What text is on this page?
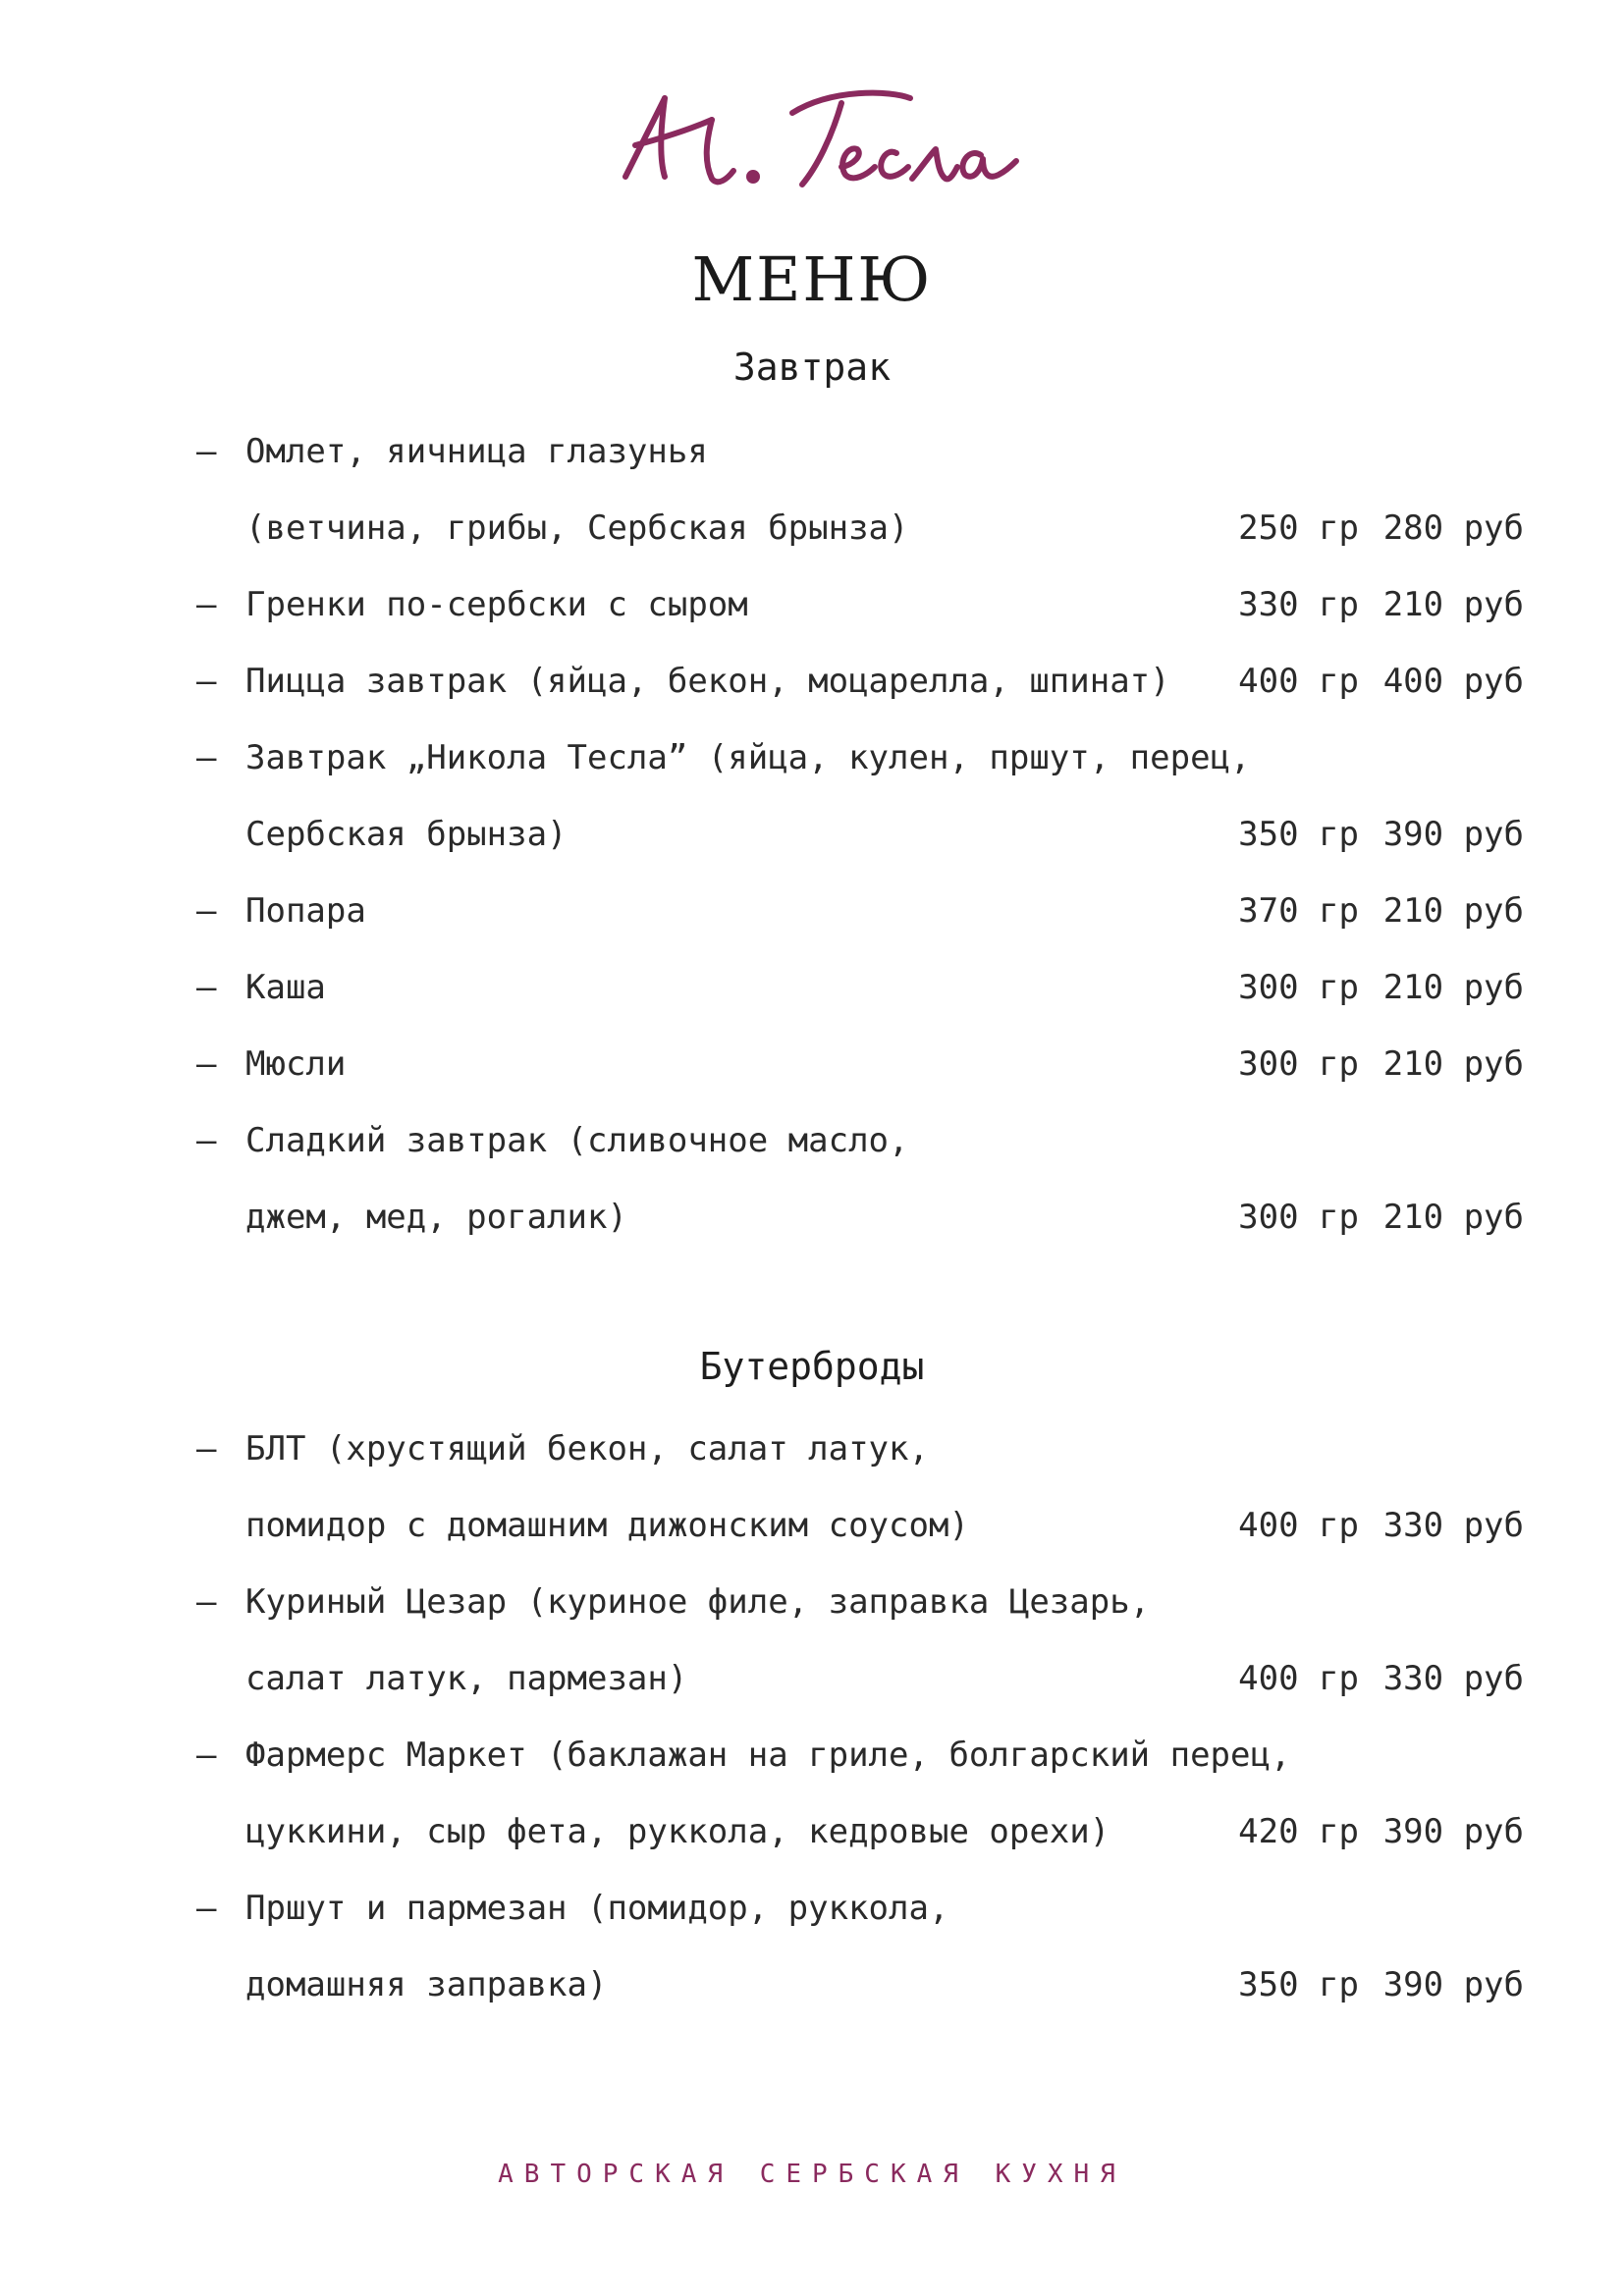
МЕНЮ
Завтрак
– Омлет, яичница глазунья
(ветчина, грибы, Сербская брынза)	250 гр 280 руб
– Гренки по-сербски с сыром	330 гр 210 руб
– Пицца завтрак (яйца, бекон, моцарелла, шпинат) 400 гр 400 руб
– Завтрак „Никола Тесла” (яйца, кулен, пршут, перец,
Сербская брынза)	350 гр 390 руб
– Попара	370 гр 210 руб
– Каша	300 гр 210 руб
– Мюсли	300 гр 210 руб
– Сладкий завтрак (сливочное масло,
джем, мед, рогалик)	300 гр 210 руб
Бутерброды
– БЛТ (хрустящий бекон, салат латук,
помидор с домашним дижонским соусом)	400 гр 330 руб
– Куриный Цезар (куриное филе, заправка Цезарь,
салат латук, пармезан)	400 гр 330 руб
– Фармерс Маркет (баклажан на гриле, болгарский перец,
цуккини, сыр фета, руккола, кедровые орехи)	420 гр 390 руб
– Пршут и пармезан (помидор, руккола,
домашняя заправка)	350 гр 390 руб
АВТОРСКАЯ СЕРБСКАЯ КУХНЯ
